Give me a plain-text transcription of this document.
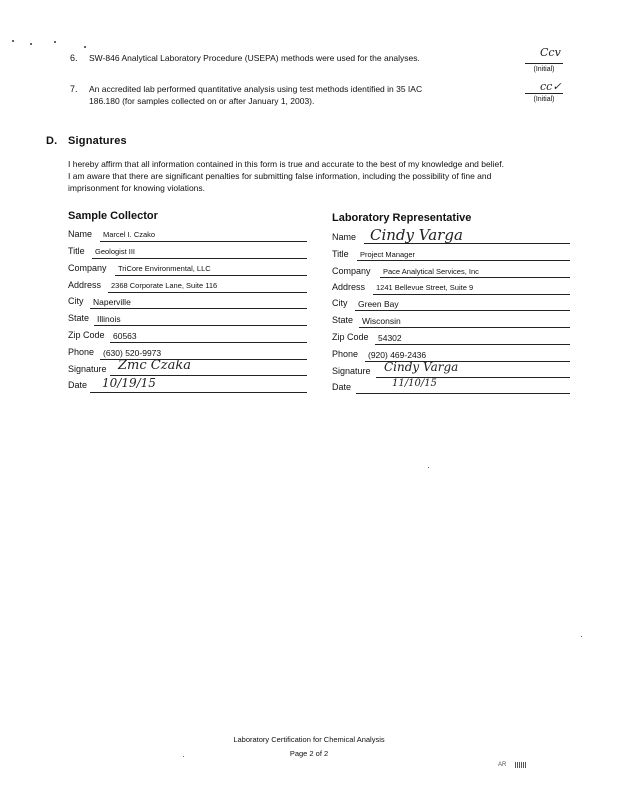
6. SW-846 Analytical Laboratory Procedure (USEPA) methods were used for the analyses.	Ccv
(Initial)
7. An accredited lab performed quantitative analysis using test methods identified in 35 IAC
186.180 (for samples collected on or after January 1, 2003).
cc✓
(Initial)
D. Signatures
I hereby affirm that all information contained in this form is true and accurate to the best of my knowledge and belief.
I am aware that there are significant penalties for submitting false information, including the possibility of fine and
imprisonment for knowing violations.
Sample Collector
Name Marcel I. Czako
Title Geologist III
Company TriCore Environmental, LLC
Address 2368 Corporate Lane, Suite 116
City Naperville
State Illinois
Zip Code 60563
Phone (630) 520-9973
Signature Zmc Czaka
Date 10/19/15
Laboratory Representative
Name Cindy Varga
Title Project Manager
Company Pace Analytical Services, Inc
Address 1241 Bellevue Street, Suite 9
City Green Bay
State Wisconsin
Zip Code 54302
Phone (920) 469-2436
Signature Cindy Varga
Date	11/10/15
Laboratory Certification for Chemical Analysis
Page 2 of 2
AR
